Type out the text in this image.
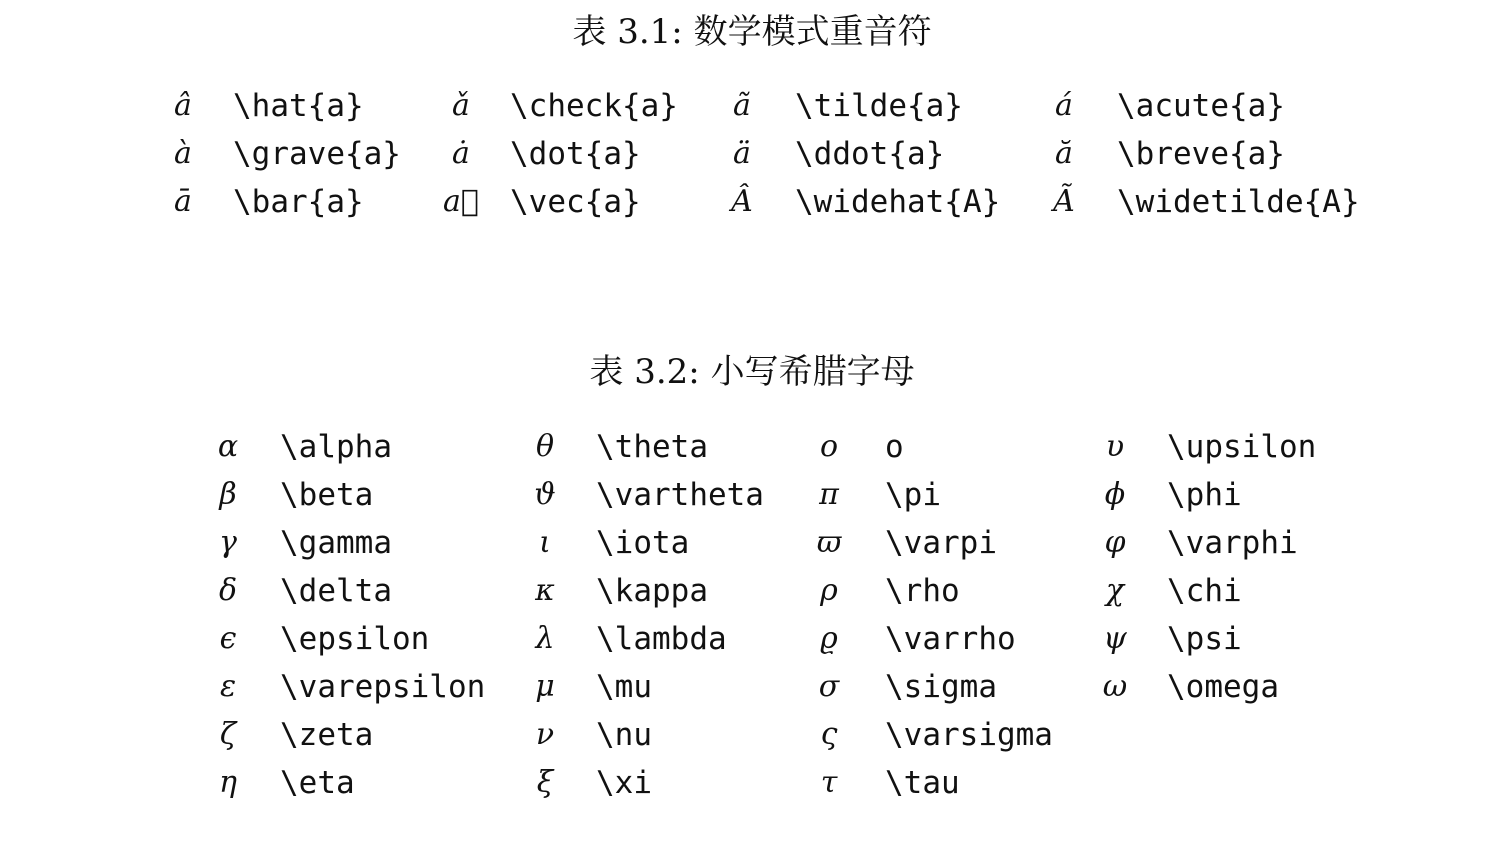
表 3.1: 数学模式重音符
â	\hat{a}	ǎ	\check{a}	ã	\tilde{a}	á	\acute{a}
à	\grave{a}	ȧ	\dot{a}	ä	\ddot{a}	ă	\breve{a}
ā	\bar{a}	a⃗ \vec{a}	Â	\widehat{A}	Ã	\widetilde{A}
表 3.2: 小写希腊字母
α	\alpha	θ	\theta	o	o	υ	\upsilon
β	\beta	ϑ	\vartheta	π	\pi	ϕ	\phi
γ	\gamma	ι	\iota	ϖ	\varpi	φ	\varphi
δ	\delta	κ	\kappa	ρ	\rho	χ	\chi
ϵ	\epsilon	λ	\lambda	ϱ	\varrho	ψ	\psi
ε	\varepsilon	μ	\mu	σ	\sigma	ω	\omega
ζ	\zeta	ν	\nu	ς	\varsigma
η	\eta	ξ	\xi	τ	\tau
